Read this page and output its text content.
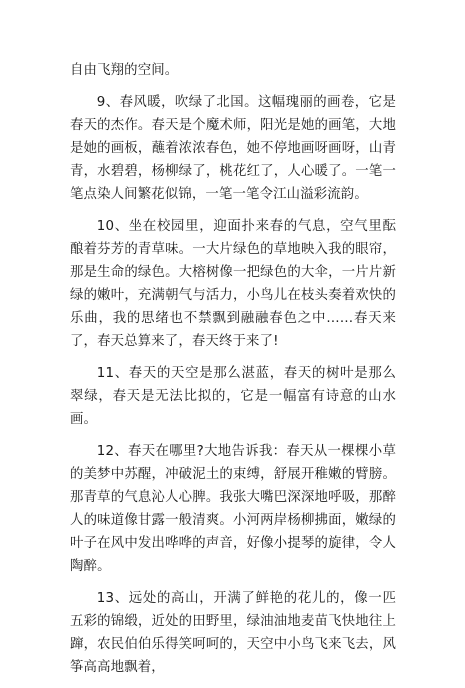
自由飞翔的空间。

9、春风暖，吹绿了北国。这幅瑰丽的画卷，它是春天的杰作。春天是个魔术师，阳光是她的画笔，大地是她的画板，蘸着浓浓春色，她不停地画呀画呀，山青青，水碧碧，杨柳绿了，桃花红了，人心暖了。一笔一笔点染人间繁花似锦，一笔一笔令江山溢彩流韵。

10、坐在校园里，迎面扑来春的气息，空气里酝酿着芬芳的青草味。一大片绿色的草地映入我的眼帘，那是生命的绿色。大榕树像一把绿色的大伞，一片片新绿的嫩叶，充满朝气与活力，小鸟儿在枝头奏着欢快的乐曲，我的思绪也不禁飘到融融春色之中……春天来了，春天总算来了，春天终于来了!

11、春天的天空是那么湛蓝，春天的树叶是那么翠绿，春天是无法比拟的，它是一幅富有诗意的山水画。

12、春天在哪里?大地告诉我：春天从一棵棵小草的美梦中苏醒，冲破泥土的束缚，舒展开稚嫩的臂膀。那青草的气息沁人心脾。我张大嘴巴深深地呼吸，那醉人的味道像甘露一般清爽。小河两岸杨柳拂面，嫩绿的叶子在风中发出哗哗的声音，好像小提琴的旋律，令人陶醉。

13、远处的高山，开满了鲜艳的花儿的，像一匹五彩的锦缎，近处的田野里，绿油油地麦苗飞快地往上蹿，农民伯伯乐得笑呵呵的，天空中小鸟飞来飞去，风筝高高地飘着，
